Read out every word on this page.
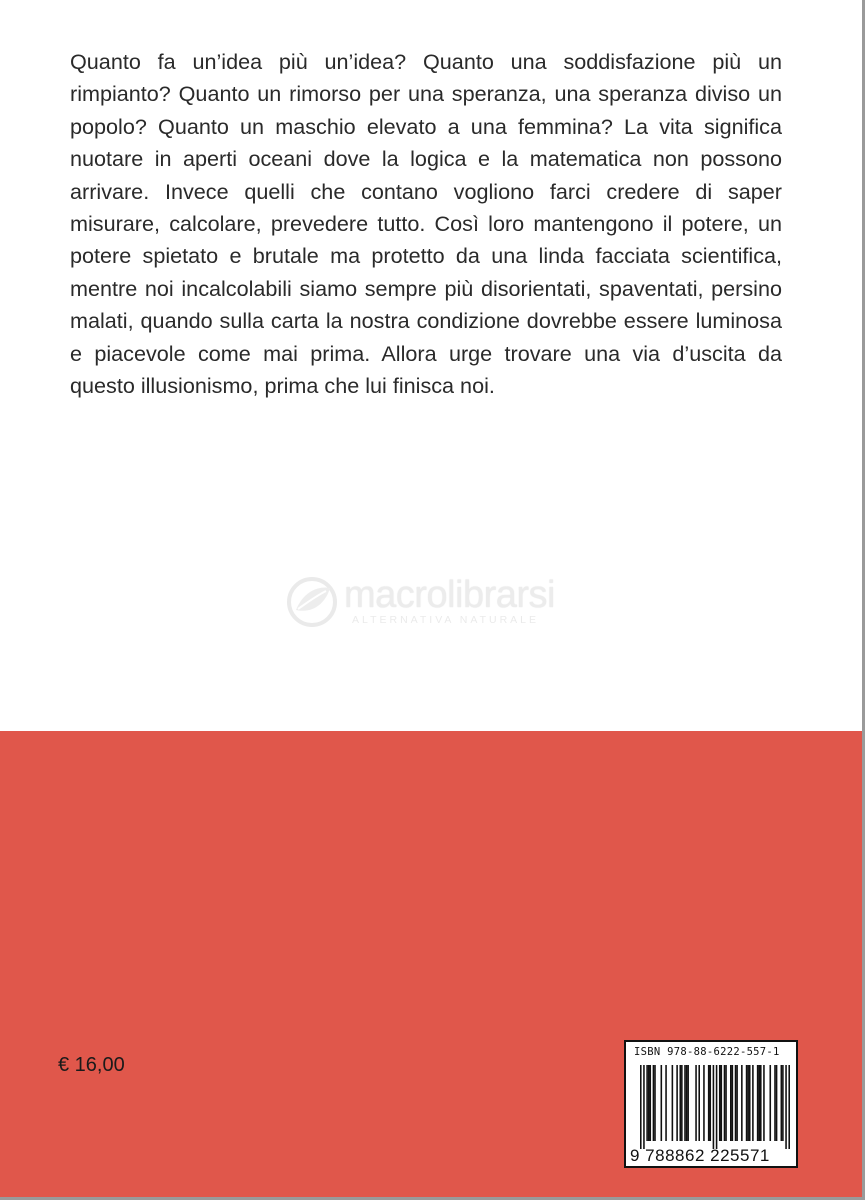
Quanto fa un’idea più un’idea? Quanto una soddisfazione più un rimpianto? Quanto un rimorso per una speranza, una speranza diviso un popolo? Quanto un maschio elevato a una femmina? La vita significa nuotare in aperti oceani dove la logica e la matematica non possono arrivare. Invece quelli che contano vogliono farci credere di saper misurare, calcolare, prevedere tutto. Così loro mantengono il potere, un potere spietato e brutale ma protetto da una linda facciata scientifica, mentre noi incalcolabili siamo sempre più disorientati, spaventati, persino malati, quando sulla carta la nostra condizione dovrebbe essere luminosa e piacevole come mai prima. Allora urge trovare una via d’uscita da questo illusionismo, prima che lui finisca noi.

macrolibrarsi
ALTERNATIVA NATURALE
€ 16,00
ISBN 978-88-6222-557-1
9 788862 225571
